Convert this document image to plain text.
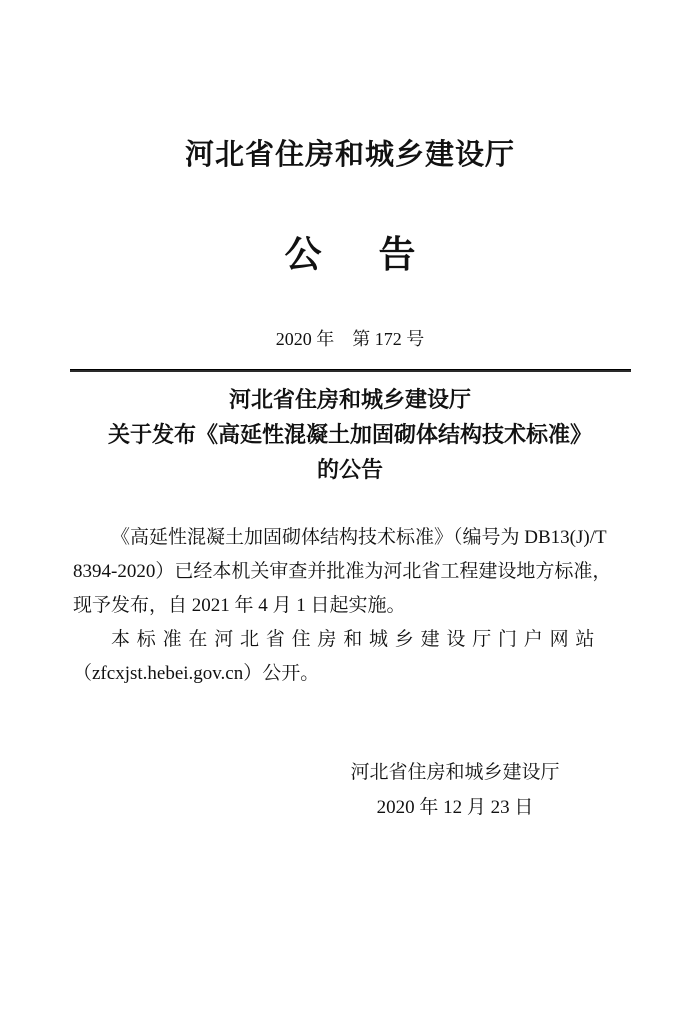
河北省住房和城乡建设厅
公 告
2020 年　第 172 号
河北省住房和城乡建设厅
关于发布《高延性混凝土加固砌体结构技术标准》
的公告
《高延性混凝土加固砌体结构技术标准》（编号为 DB13(J)/T
8394-2020）已经本机关审查并批准为河北省工程建设地方标准，
现予发布，自 2021 年 4 月 1 日起实施。
本标准在河北省住房和城乡建设厅门户网站
（zfcxjst.hebei.gov.cn）公开。
河北省住房和城乡建设厅
2020 年 12 月 23 日
